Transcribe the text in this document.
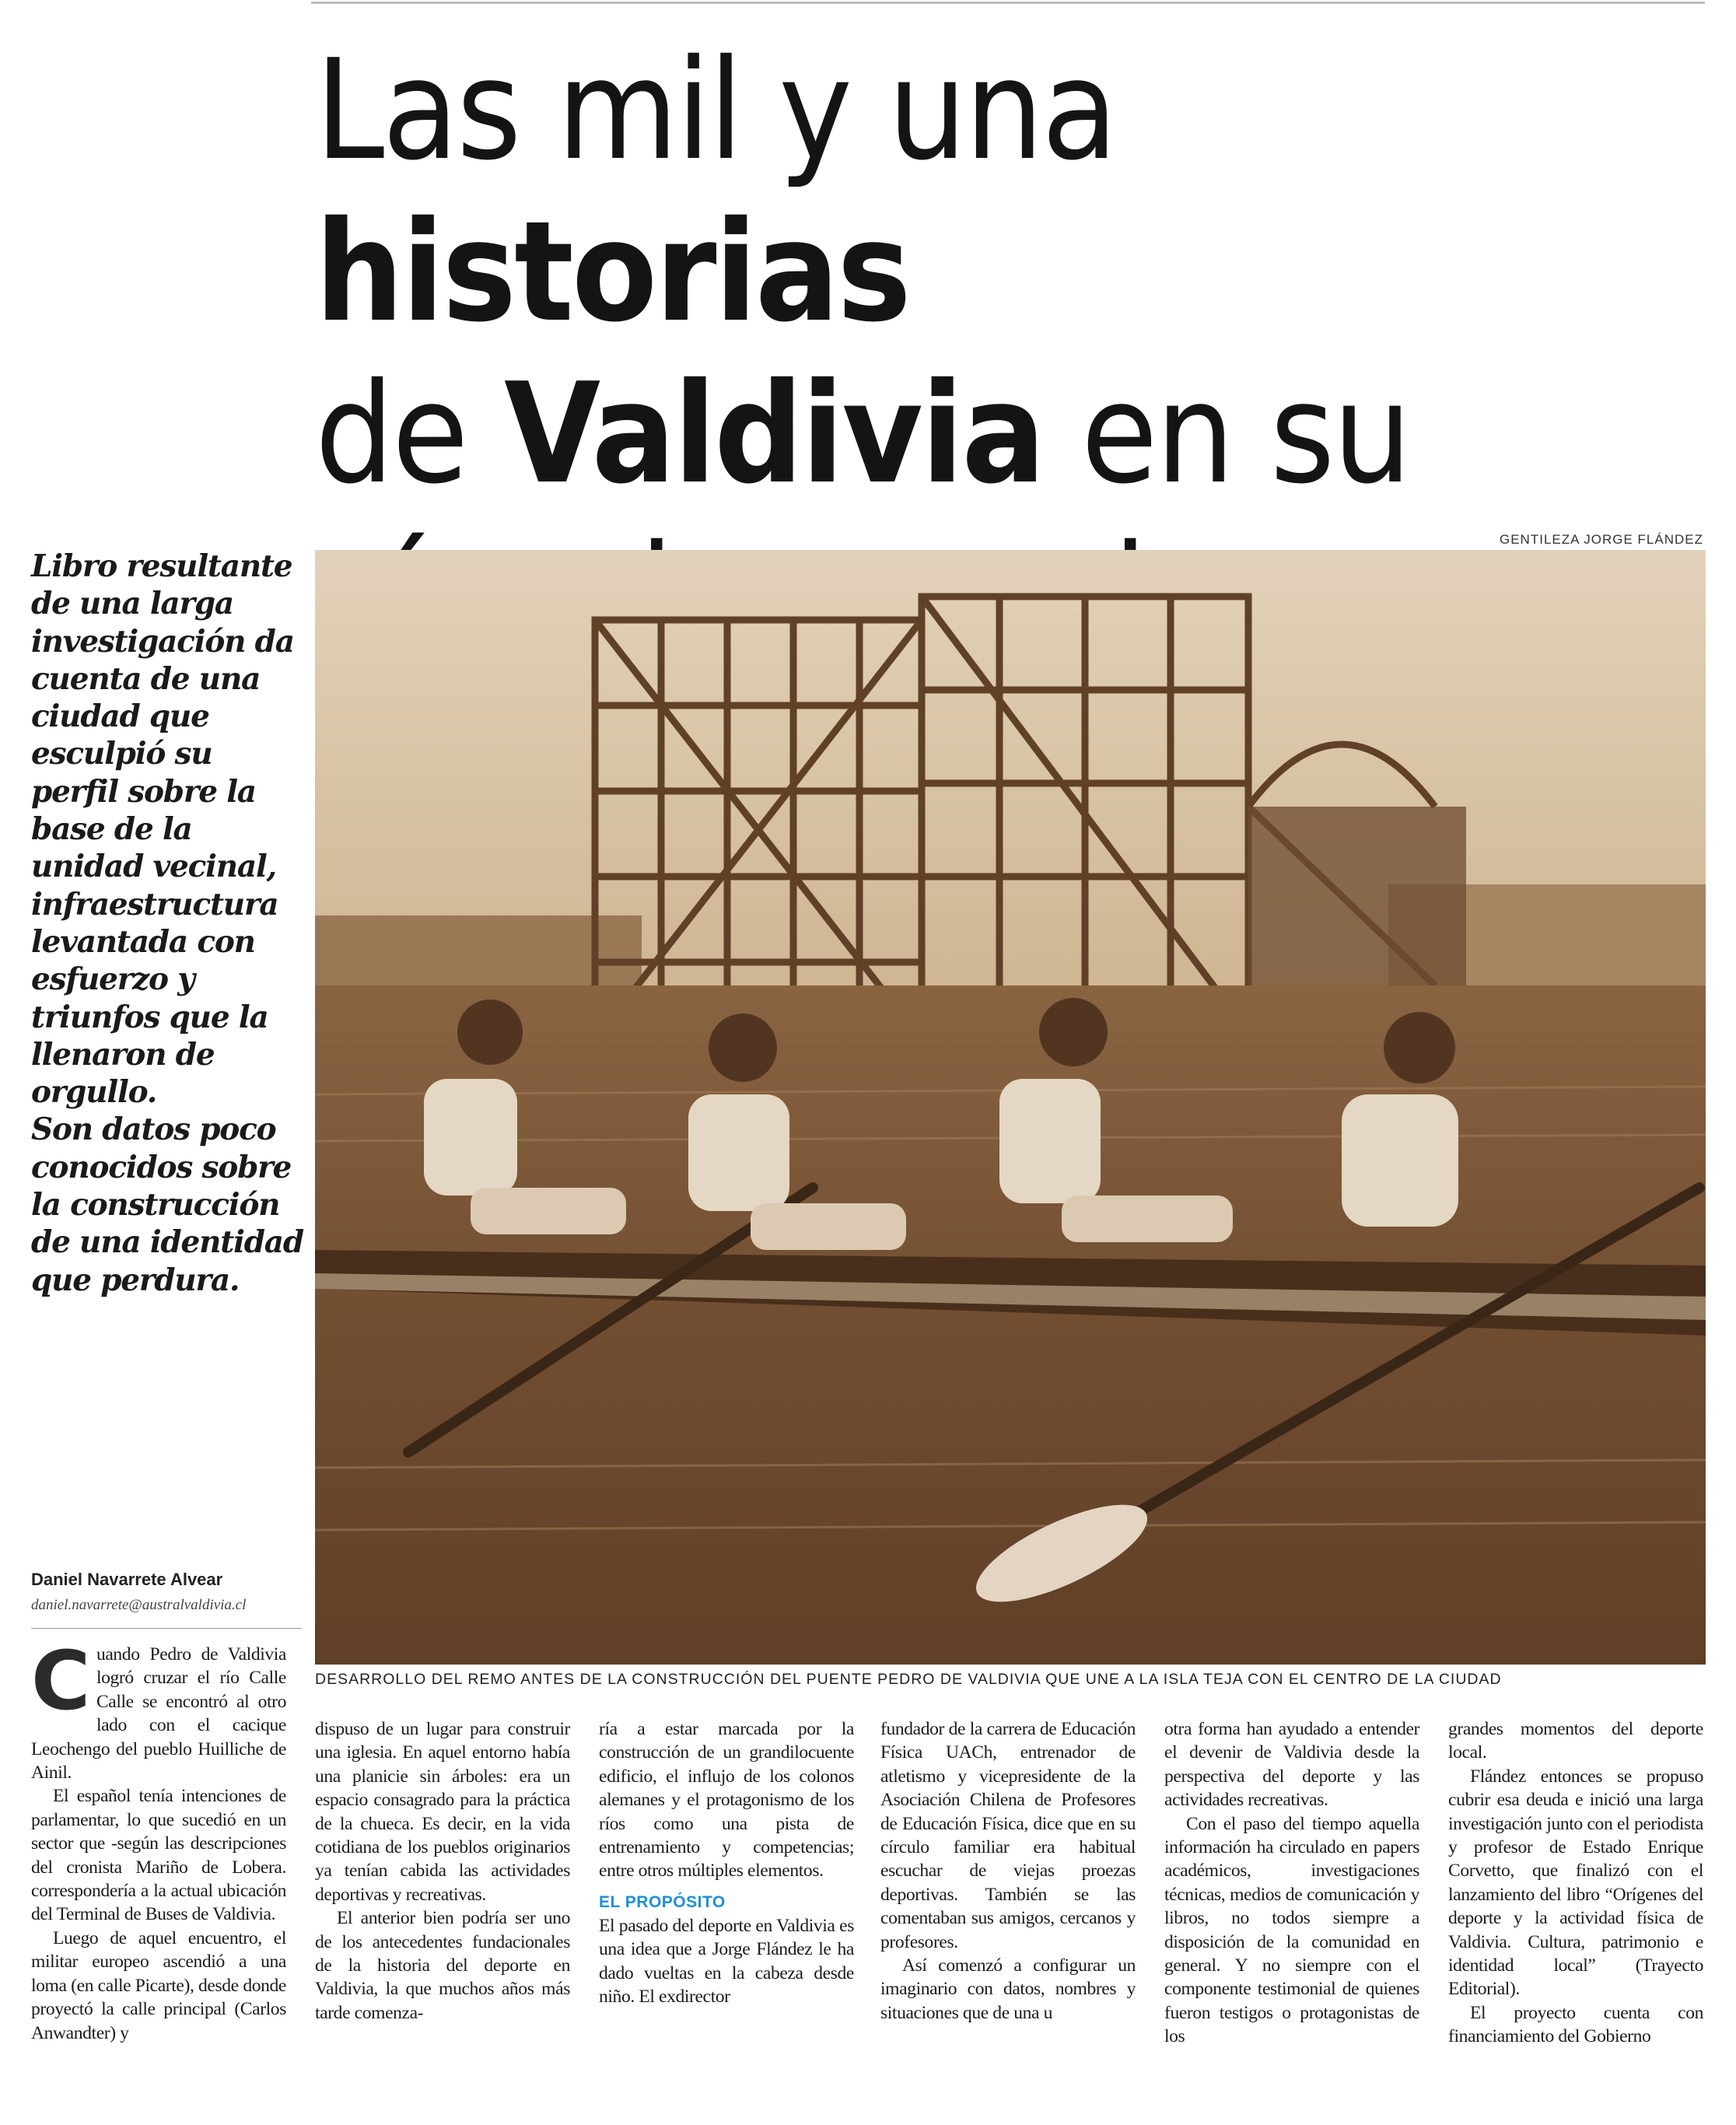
Las mil y una historias
de Valdivia en su

GENTILEZA JORGE FLÁNDEZ
DESARROLLO DEL REMO ANTES DE LA CONSTRUCCIÓN DEL PUENTE PEDRO DE VALDIVIA QUE UNE A LA ISLA TEJA CON EL CENTRO DE LA CIUDAD

Libro resultante de una larga investigación da cuenta de una ciudad que esculpió su perfil sobre la base de la unidad vecinal, infraestructura levantada con esfuerzo y triunfos que la llenaron de orgullo.

Son datos poco conocidos sobre la construcción de una identidad que perdura.

Daniel Navarrete Alvear
daniel.navarrete@australvaldivia.cl

Cuando Pedro de Valdivia logró cruzar el río Calle Calle se encontró al otro lado con el cacique Leochengo del pueblo Huilliche de Ainil.

El español tenía intenciones de parlamentar, lo que sucedió en un sector que -según las descripciones del cronista Mariño de Lobera. correspondería a la actual ubicación del Terminal de Buses de Valdivia.

Luego de aquel encuentro, el militar europeo ascendió a una loma (en calle Picarte), desde donde proyectó la calle principal (Carlos Anwandter) y

dispuso de un lugar para construir una iglesia. En aquel entorno había una planicie sin árboles: era un espacio consagrado para la práctica de la chueca. Es decir, en la vida cotidiana de los pueblos originarios ya tenían cabida las actividades deportivas y recreativas.

El anterior bien podría ser uno de los antecedentes fundacionales de la historia del deporte en Valdivia, la que muchos años más tarde comenza-

ría a estar marcada por la construcción de un grandilocuente edificio, el influjo de los colonos alemanes y el protagonismo de los ríos como una pista de entrenamiento y competencias; entre otros múltiples elementos.

EL PROPÓSITO

El pasado del deporte en Valdivia es una idea que a Jorge Flández le ha dado vueltas en la cabeza desde niño. El exdirector

fundador de la carrera de Educación Física UACh, entrenador de atletismo y vicepresidente de la Asociación Chilena de Profesores de Educación Física, dice que en su círculo familiar era habitual escuchar de viejas proezas deportivas. También se las comentaban sus amigos, cercanos y profesores.

Así comenzó a configurar un imaginario con datos, nombres y situaciones que de una u

otra forma han ayudado a entender el devenir de Valdivia desde la perspectiva del deporte y las actividades recreativas.

Con el paso del tiempo aquella información ha circulado en papers académicos, investigaciones técnicas, medios de comunicación y libros, no todos siempre a disposición de la comunidad en general. Y no siempre con el componente testimonial de quienes fueron testigos o protagonistas de los

grandes momentos del deporte local.

Flández entonces se propuso cubrir esa deuda e inició una larga investigación junto con el periodista y profesor de Estado Enrique Corvetto, que finalizó con el lanzamiento del libro “Orígenes del deporte y la actividad física de Valdivia. Cultura, patrimonio e identidad local” (Trayecto Editorial).

El proyecto cuenta con financiamiento del Gobierno
